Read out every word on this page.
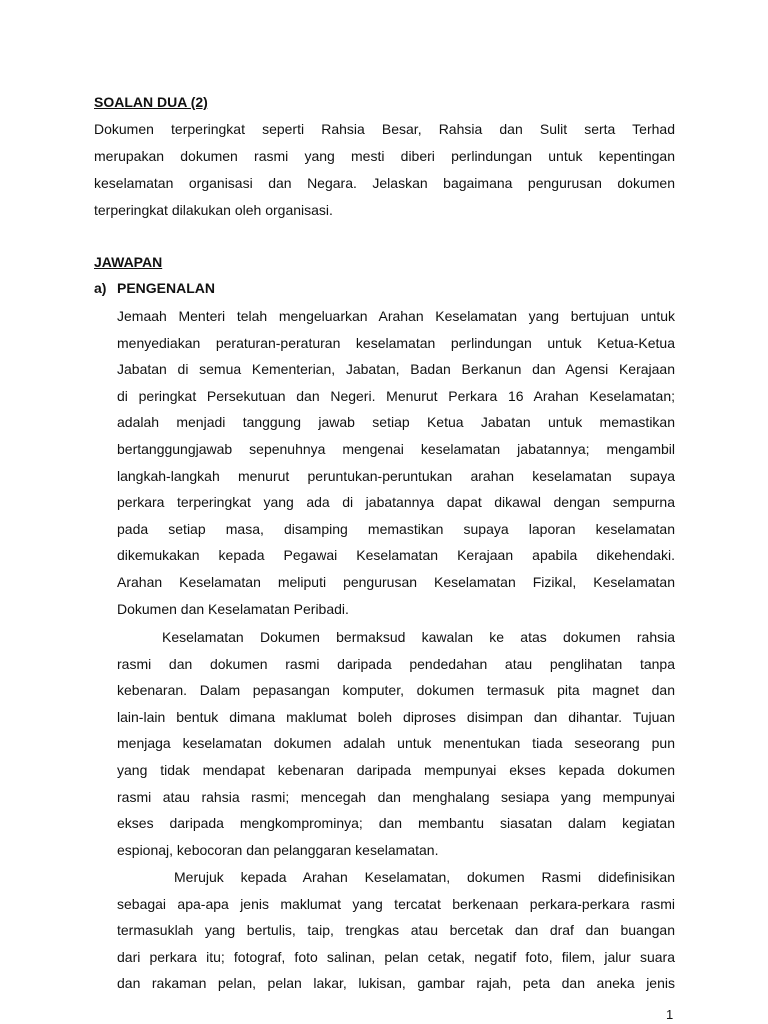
SOALAN DUA (2)
Dokumen terperingkat seperti Rahsia Besar, Rahsia dan Sulit serta Terhad
merupakan dokumen rasmi yang mesti diberi perlindungan untuk kepentingan
keselamatan organisasi dan Negara. Jelaskan bagaimana pengurusan dokumen
terperingkat dilakukan oleh organisasi.
JAWAPAN
a) PENGENALAN
Jemaah Menteri telah mengeluarkan Arahan Keselamatan yang bertujuan untuk
menyediakan peraturan-peraturan keselamatan perlindungan untuk Ketua-Ketua
Jabatan di semua Kementerian, Jabatan, Badan Berkanun dan Agensi Kerajaan
di peringkat Persekutuan dan Negeri. Menurut Perkara 16 Arahan Keselamatan;
adalah menjadi tanggung jawab setiap Ketua Jabatan untuk memastikan
bertanggungjawab sepenuhnya mengenai keselamatan jabatannya; mengambil
langkah-langkah menurut peruntukan-peruntukan arahan keselamatan supaya
perkara terperingkat yang ada di jabatannya dapat dikawal dengan sempurna
pada setiap masa, disamping memastikan supaya laporan keselamatan
dikemukakan kepada Pegawai Keselamatan Kerajaan apabila dikehendaki.
Arahan Keselamatan meliputi pengurusan Keselamatan Fizikal, Keselamatan
Dokumen dan Keselamatan Peribadi.
Keselamatan Dokumen bermaksud kawalan ke atas dokumen rahsia
rasmi dan dokumen rasmi daripada pendedahan atau penglihatan tanpa
kebenaran. Dalam pepasangan komputer, dokumen termasuk pita magnet dan
lain-lain bentuk dimana maklumat boleh diproses disimpan dan dihantar. Tujuan
menjaga keselamatan dokumen adalah untuk menentukan tiada seseorang pun
yang tidak mendapat kebenaran daripada mempunyai ekses kepada dokumen
rasmi atau rahsia rasmi; mencegah dan menghalang sesiapa yang mempunyai
ekses daripada mengkomprominya; dan membantu siasatan dalam kegiatan
espionaj, kebocoran dan pelanggaran keselamatan.
Merujuk kepada Arahan Keselamatan, dokumen Rasmi didefinisikan
sebagai apa-apa jenis maklumat yang tercatat berkenaan perkara-perkara rasmi
termasuklah yang bertulis, taip, trengkas atau bercetak dan draf dan buangan
dari perkara itu; fotograf, foto salinan, pelan cetak, negatif foto, filem, jalur suara
dan rakaman pelan, pelan lakar, lukisan, gambar rajah, peta dan aneka jenis
1
